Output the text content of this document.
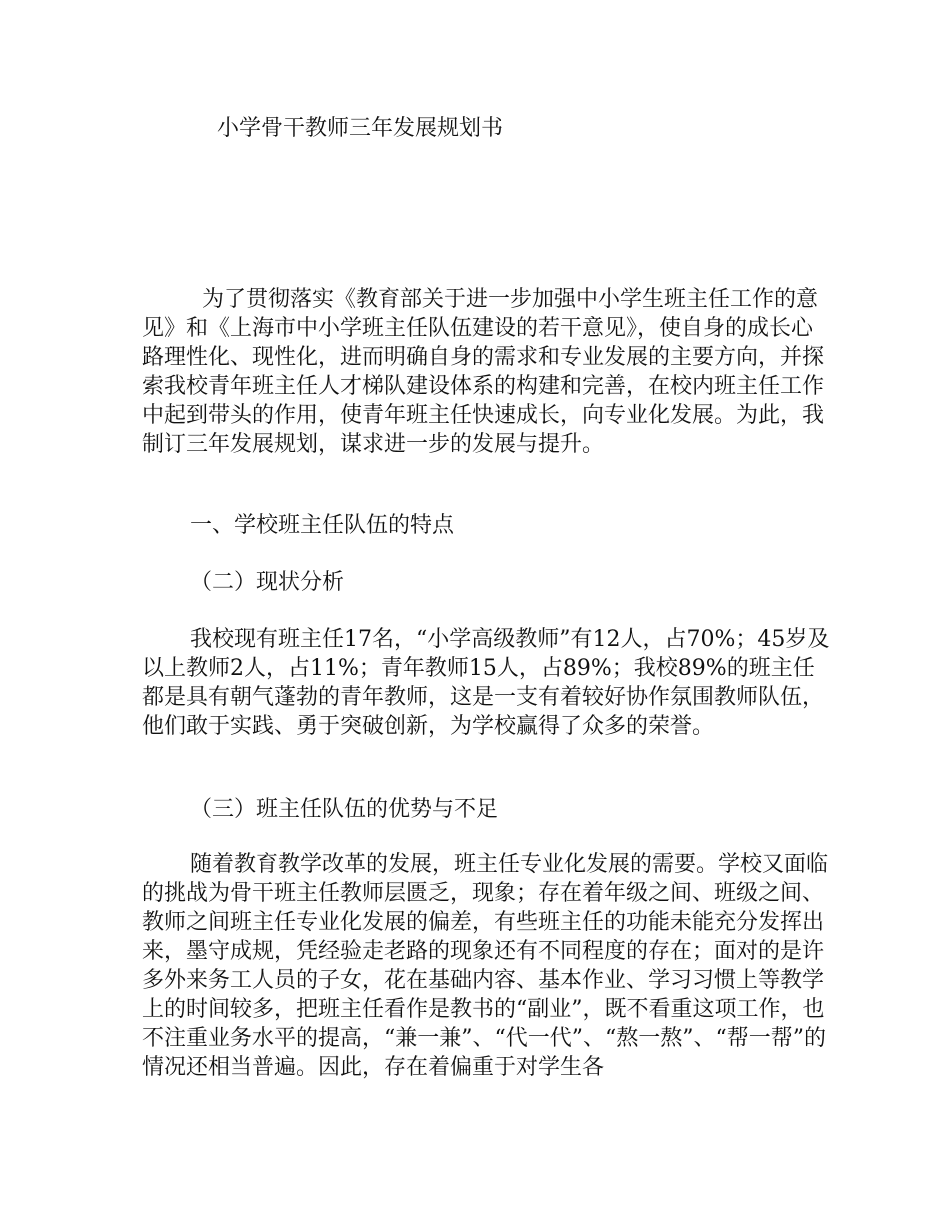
小学骨干教师三年发展规划书

为了贯彻落实《教育部关于进一步加强中小学生班主任工作的意见》和《上海市中小学班主任队伍建设的若干意见》，使自身的成长心路理性化、现性化，进而明确自身的需求和专业发展的主要方向，并探索我校青年班主任人才梯队建设体系的构建和完善，在校内班主任工作中起到带头的作用，使青年班主任快速成长，向专业化发展。为此，我制订三年发展规划，谋求进一步的发展与提升。

一、学校班主任队伍的特点
（二）现状分析

我校现有班主任17名，“小学高级教师”有12人，占70%；45岁及以上教师2人，占11%；青年教师15人，占89%；我校89%的班主任都是具有朝气蓬勃的青年教师，这是一支有着较好协作氛围教师队伍，他们敢于实践、勇于突破创新，为学校赢得了众多的荣誉。

（三）班主任队伍的优势与不足

随着教育教学改革的发展，班主任专业化发展的需要。学校又面临的挑战为骨干班主任教师层匮乏，现象；存在着年级之间、班级之间、教师之间班主任专业化发展的偏差，有些班主任的功能未能充分发挥出来，墨守成规，凭经验走老路的现象还有不同程度的存在；面对的是许多外来务工人员的子女，花在基础内容、基本作业、学习习惯上等教学上的时间较多，把班主任看作是教书的“副业”，既不看重这项工作，也不注重业务水平的提高，“兼一兼”、“代一代”、“熬一熬”、“帮一帮”的情况还相当普遍。因此，存在着偏重于对学生各
